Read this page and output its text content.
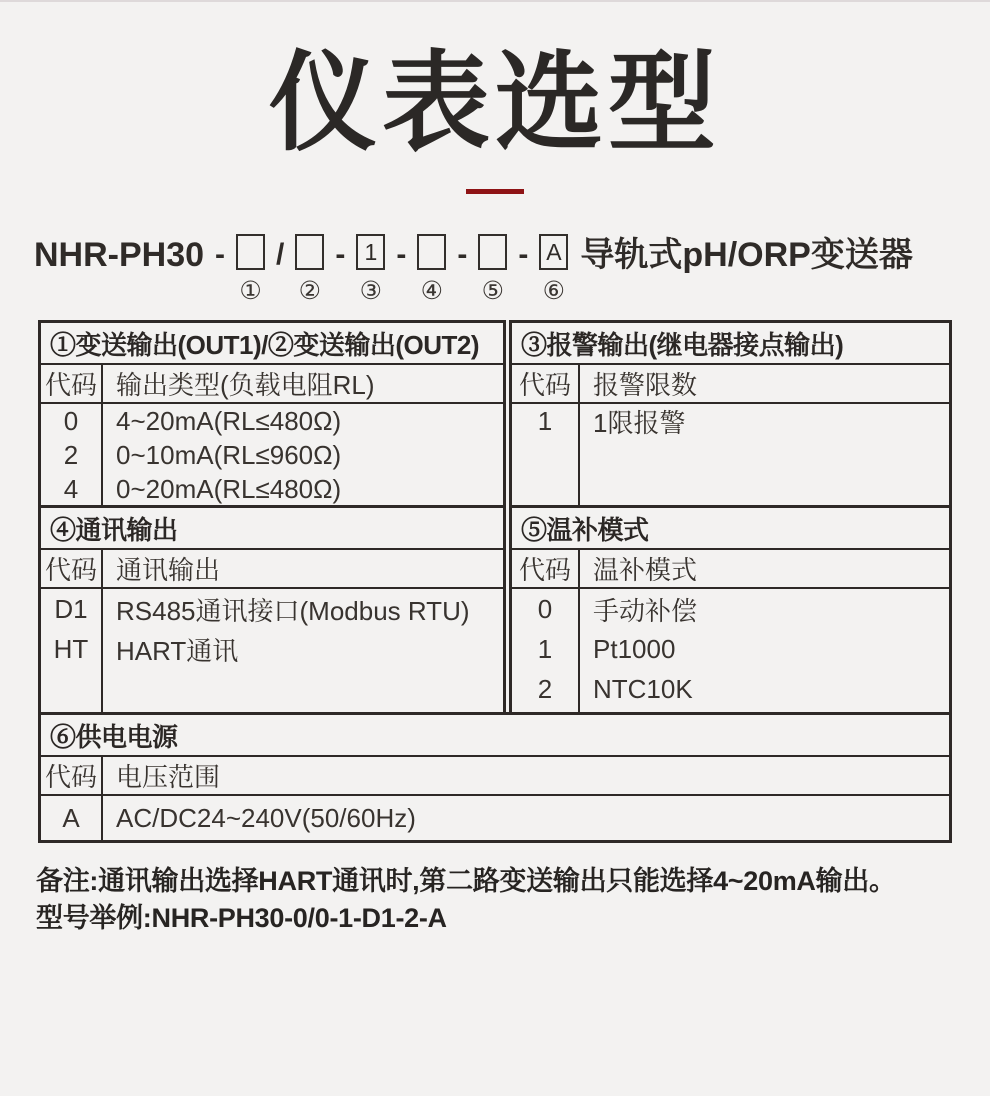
仪表选型
NHR-PH30 -
①
/
②
- 1
③
-
④
-
⑤
- A
⑥
导轨式pH/ORP变送器
①变送输出(OUT1)/②变送输出(OUT2)
代码 输出类型(负载电阻RL)
0
2
4
4~20mA(RL≤480Ω)
0~10mA(RL≤960Ω)
0~20mA(RL≤480Ω)
③报警输出(继电器接点输出)
代码 报警限数
1	1限报警
④通讯输出
代码 通讯输出
D1
HT
RS485通讯接口(Modbus RTU)
HART通讯
⑤温补模式
代码 温补模式
0
1
2
手动补偿
Pt1000
NTC10K
⑥供电电源
代码 电压范围
A	AC/DC24~240V(50/60Hz)
备注:通讯输出选择HART通讯时,第二路变送输出只能选择4~20mA输出。
型号举例:NHR-PH30-0/0-1-D1-2-A
